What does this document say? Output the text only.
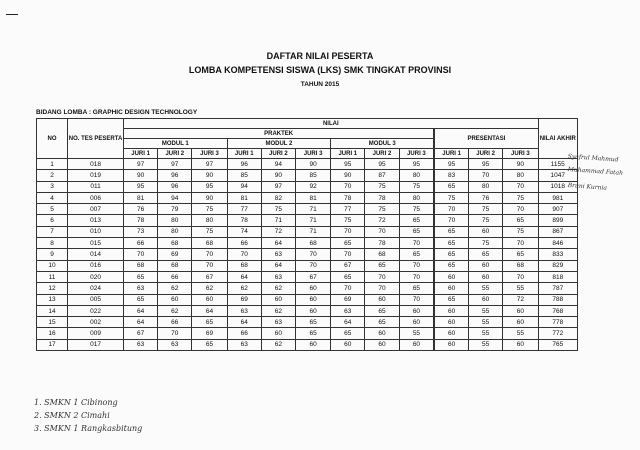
DAFTAR NILAI PESERTA
LOMBA KOMPETENSI SISWA (LKS) SMK TINGKAT PROVINSI
TAHUN 2015
BIDANG LOMBA : GRAPHIC DESIGN TECHNOLOGY
NO	NO. TES PESERTA	NILAI												NILAI AKHIR
		PRAKTEK									PRESENTASI			
		MODUL 1			MODUL 2			MODUL 3						
		JURI 1	JURI 2	JURI 3	JURI 1	JURI 2	JURI 3	JURI 1	JURI 2	JURI 3	JURI 1	JURI 2	JURI 3	
1	018	97	97	97	96	94	90	95	95	95	95	95	90	1155
2	019	90	96	90	85	90	85	90	87	80	83	70	80	1047
3	011	95	96	95	94	97	92	70	75	75	65	80	70	1018
4	006	81	94	90	81	82	81	78	78	80	75	76	75	981
5	007	76	79	75	77	75	71	77	75	75	70	75	70	907
6	013	78	80	80	78	71	71	75	72	65	70	75	65	899
7	010	73	80	75	74	72	71	70	70	65	65	60	75	867
8	015	66	68	68	66	64	68	65	78	70	65	75	70	846
9	014	70	69	70	70	63	70	70	68	65	65	65	65	833
10	016	68	68	70	68	64	70	67	65	70	65	60	68	829
11	020	65	66	67	64	63	67	65	70	70	60	60	70	818
12	024	63	62	62	62	62	60	70	70	65	60	55	55	787
13	005	65	60	60	69	60	60	69	60	70	65	60	72	788
14	022	64	62	64	63	62	60	63	65	60	60	55	60	768
15	002	64	66	65	64	63	65	64	65	60	60	55	60	778
16	009	67	70	69	66	60	65	65	60	55	60	55	55	772
17	017	63	63	65	63	62	60	60	60	60	60	55	60	765
Syafrul Mahmud
Muhammad Fatah
Bruni Kurnia
1. SMKN 1 Cibinong
2. SMKN 2 Cimahi
3. SMKN 1 Rangkasbitung
